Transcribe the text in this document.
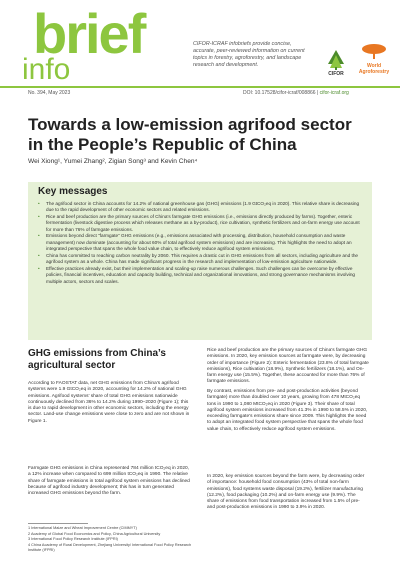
brief
info
CIFOR-ICRAF infobriefs provide concise, accurate, peer-reviewed information on current topics in forestry, agroforestry, and landscape research and development.
CIFOR
World
Agroforestry
No. 394, May 2023	DOI: 10.17528/cifor-icraf/008866 | cifor-icraf.org
Towards a low-emission agrifood sector in the People’s Republic of China
Wei Xiong¹, Yumei Zhang², Zigian Song³ and Kevin Chen⁴
Key messages
• The agrifood sector in China accounts for 14.2% of national greenhouse gas (GHG) emissions (1.9 GtCO₂eq in 2020). This relative share is decreasing due to the rapid development of other economic sectors and related emissions.
• Rice and beef production are the primary sources of China’s farmgate GHG emissions (i.e., emissions directly produced by farms). Together, enteric fermentation (livestock digestive process which releases methane as a by-product), rice cultivation, synthetic fertilizers and on-farm energy use account for more than 76% of farmgate emissions.
• Emissions beyond direct “farmgate” GHG emissions (e.g., emissions associated with processing, distribution, household consumption and waste management) now dominate (accounting for about 60% of total agrifood system emissions) and are increasing. This highlights the need to adopt an integrated perspective that spans the whole food value chain, to effectively reduce agrifood system emissions.
• China has committed to reaching carbon neutrality by 2060. This requires a drastic cut in GHG emissions from all sectors, including agriculture and the agrifood system as a whole. China has made significant progress in the research and implementation of low-emission agriculture nationwide.
• Effective practices already exist, but their implementation and scaling-up raise numerous challenges. Such challenges can be overcome by effective policies, financial incentives, education and capacity building, technical and organizational innovations, and strong governance mechanisms involving multiple actors, sectors and scales.
GHG emissions from China’s agricultural sector
According to FAOSTAT data, net GHG emissions from China’s agrifood systems were 1.9 GtCO₂eq in 2020, accounting for 14.2% of national GHG emissions. Agrifood systems’ share of total GHG emissions nationwide continuously declined from 36% to 14.2% during 1990–2020 (Figure 1); this is due to rapid development in other economic sectors, including the energy sector. Land-use change emissions were close to zero and are not shown in Figure 1.
Farmgate GHG emissions in China represented 784 million tCO₂eq in 2020, a 12% increase when compared to 699 million tCO₂eq in 1990. The relative share of farmgate emissions in total agrifood system emissions has declined because of agrifood industry development; this has in turn generated increased GHG emissions beyond the farm.
Rice and beef production are the primary sources of China’s farmgate GHG emissions. In 2020, key emission sources at farmgate were, by decreasing order of importance (Figure 2): Enteric fermentation (23.8% of total farmgate emissions), Rice cultivation (18.9%), Synthetic fertilizers (18.1%), and On-farm energy use (15.5%). Together, these accounted for more than 76% of farmgate emissions.
By contrast, emissions from pre- and post-production activities (beyond farmgate) more than doubled over 10 years, growing from 478 MtCO₂eq tons in 1990 to 1,080 MtCO₂eq in 2020 (Figure 3). Their share of total agrifood system emissions increased from 41.3% in 1990 to 58.5% in 2020, exceeding farmgate’s emissions share since 2009. This highlights the need to adopt an integrated food system perspective that spans the whole food value chain, to effectively reduce agrifood system emissions.
In 2020, key emission sources beyond the farm were, by decreasing order of importance: household food consumption (43% of total non-farm emissions), food systems waste disposal (19.2%), fertilizer manufacturing (12.2%), food packaging (10.2%) and on-farm energy use (9.9%). The share of emissions from food transportation increased from 1.5% of pre- and post-production emissions in 1990 to 3.9% in 2020.
1 International Maize and Wheat Improvement Centre (CIMMYT)
2 Academy of Global Food Economics and Policy, China Agricultural University
3 International Food Policy Research Institute (IFPRI)
4 China Academy of Rural Development, Zhejiang University/ International Food Policy Research Institute (IFPRI)
